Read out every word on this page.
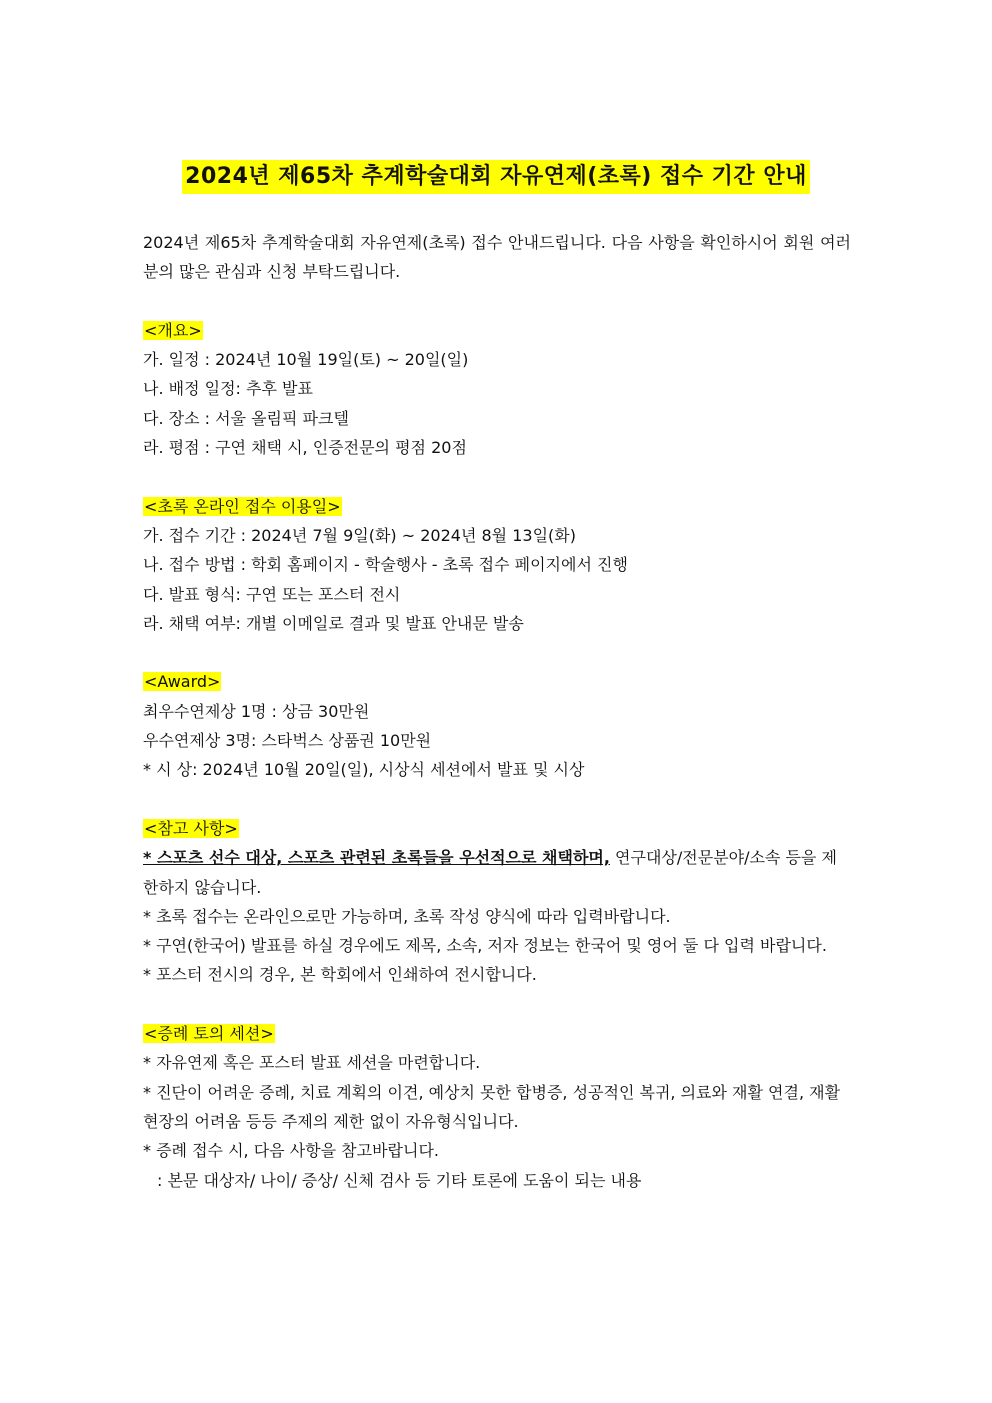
2024년 제65차 추계학술대회 자유연제(초록) 접수 기간 안내

2024년 제65차 추계학술대회 자유연제(초록) 접수 안내드립니다. 다음 사항을 확인하시어 회원 여러분의 많은 관심과 신청 부탁드립니다.

<개요>

가. 일정 : 2024년 10월 19일(토) ~ 20일(일)

나. 배정 일정: 추후 발표

다. 장소 : 서울 올림픽 파크텔

라. 평점 : 구연 채택 시, 인증전문의 평점 20점

<초록 온라인 접수 이용일>

가. 접수 기간 : 2024년 7월 9일(화) ~ 2024년 8월 13일(화)

나. 접수 방법 : 학회 홈페이지 - 학술행사 - 초록 접수 페이지에서 진행

다. 발표 형식: 구연 또는 포스터 전시

라. 채택 여부: 개별 이메일로 결과 및 발표 안내문 발송

<Award>

최우수연제상 1명 : 상금 30만원

우수연제상 3명: 스타벅스 상품권 10만원

* 시 상: 2024년 10월 20일(일), 시상식 세션에서 발표 및 시상

<참고 사항>

* 스포츠 선수 대상, 스포츠 관련된 초록들을 우선적으로 채택하며, 연구대상/전문분야/소속 등을 제한하지 않습니다.

* 초록 접수는 온라인으로만 가능하며, 초록 작성 양식에 따라 입력바랍니다.

* 구연(한국어) 발표를 하실 경우에도 제목, 소속, 저자 정보는 한국어 및 영어 둘 다 입력 바랍니다.

* 포스터 전시의 경우, 본 학회에서 인쇄하여 전시합니다.

<증례 토의 세션>

* 자유연제 혹은 포스터 발표 세션을 마련합니다.

* 진단이 어려운 증례, 치료 계획의 이견, 예상치 못한 합병증, 성공적인 복귀, 의료와 재활 연결, 재활 현장의 어려움 등등 주제의 제한 없이 자유형식입니다.

* 증례 접수 시, 다음 사항을 참고바랍니다.

: 본문 대상자/ 나이/ 증상/ 신체 검사 등 기타 토론에 도움이 되는 내용
